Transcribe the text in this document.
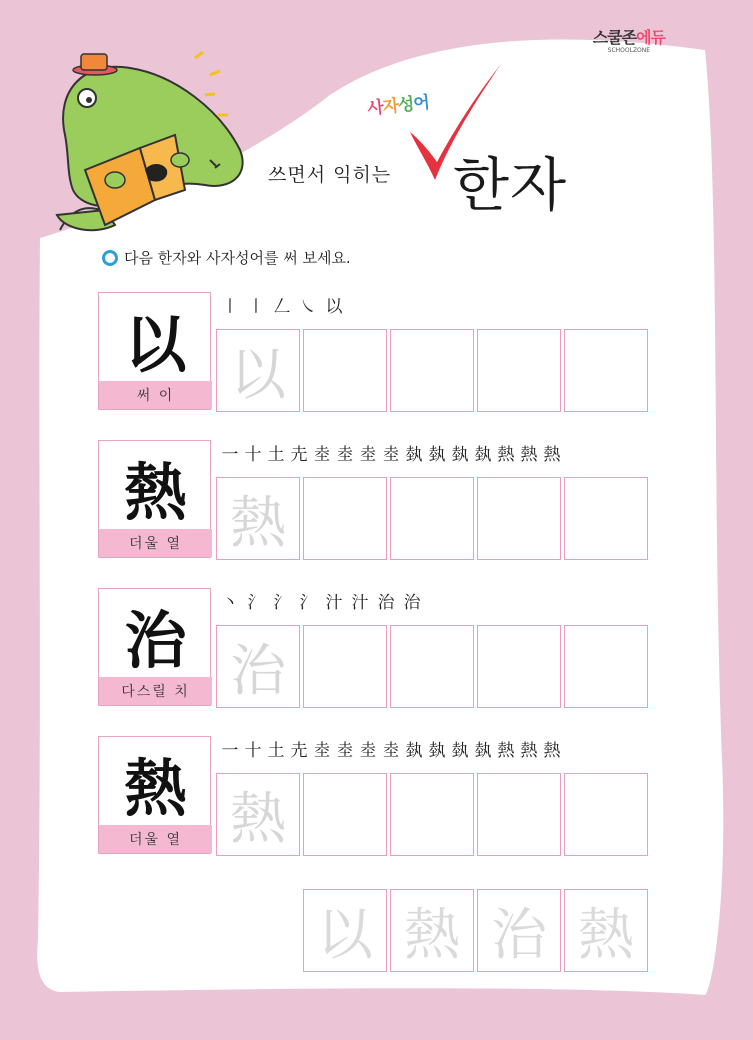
스쿨존에듀
SCHOOLZONE
사자성어
쓰면서 익히는 한자
다음 한자와 사자성어를 써 보세요.
以
써 이
㇑ ㇑ 𠃋 ㇏ 以
以
熱
더울 열
一 十 土 圥 坴 坴 坴 坴 埶 埶 埶 埶 熱 熱 熱
熱
治
다스릴 치
丶 氵 氵 氵 汁 汁 治 治
治
熱
더울 열
一 十 土 圥 坴 坴 坴 坴 埶 埶 埶 埶 熱 熱 熱
熱
以 熱 治 熱
